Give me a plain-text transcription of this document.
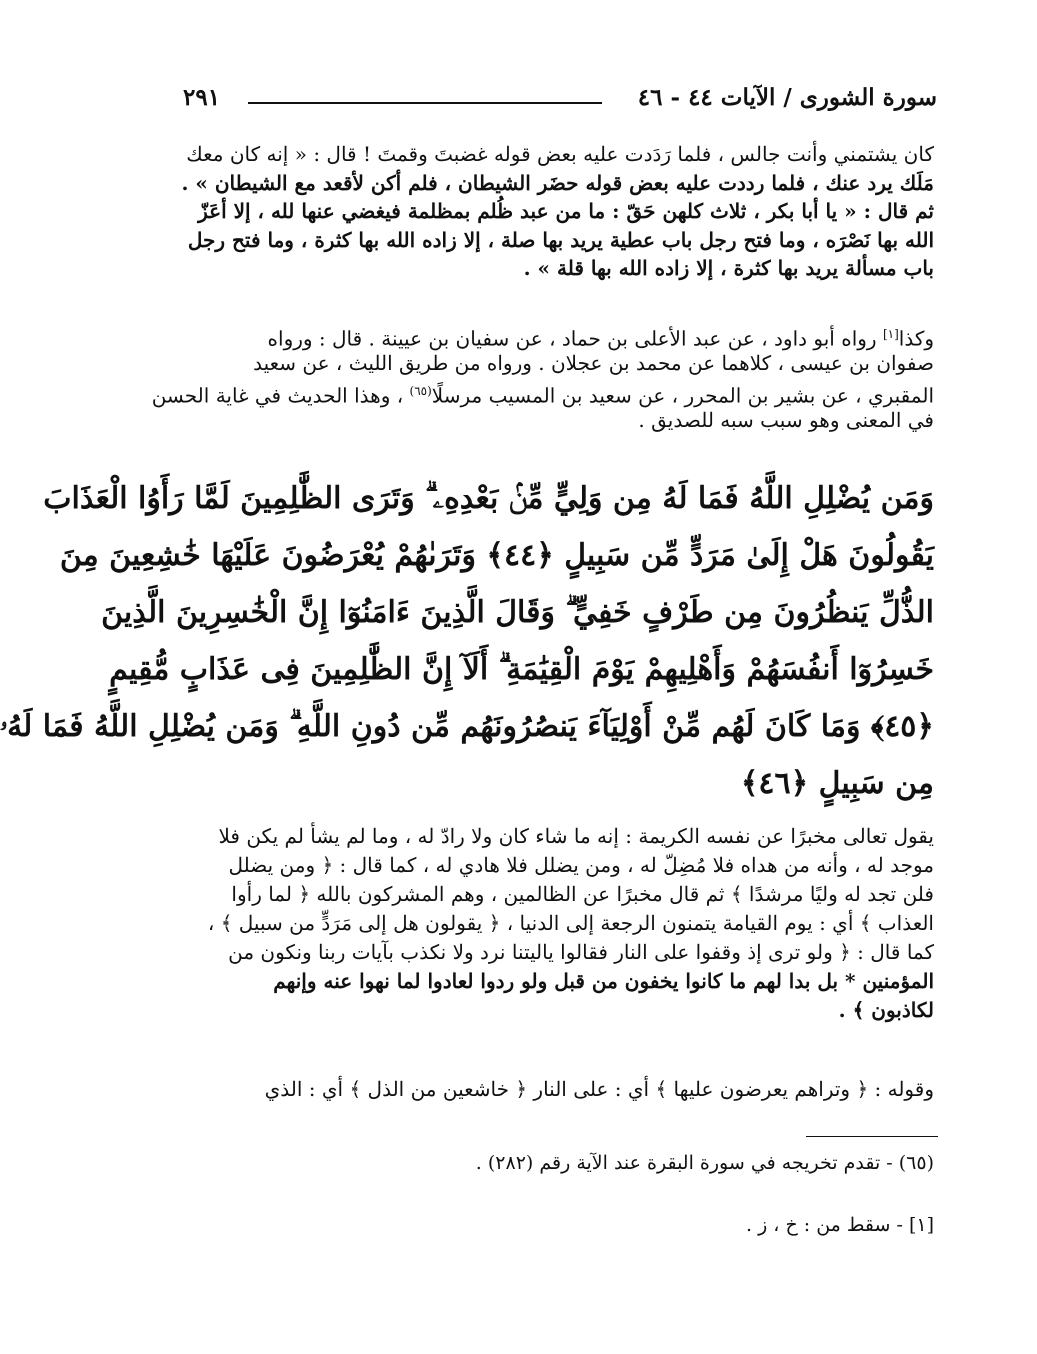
سورة الشورى / الآيات ٤٤ - ٤٦
٢٩١
كان يشتمني وأنت جالس ، فلما رَدَدت عليه بعض قوله غضبتَ وقمتَ ! قال : « إنه كان معك
مَلَك يرد عنك ، فلما رددت عليه بعض قوله حضَر الشيطان ، فلم أكن لأقعد مع الشيطان » .
ثم قال : « يا أبا بكر ، ثلاث كلهن حَقّ : ما من عبد ظُلم بمظلمة فيغضي عنها لله ، إلا أعَزّ
الله بها نَصْرَه ، وما فتح رجل باب عطية يريد بها صلة ، إلا زاده الله بها كثرة ، وما فتح رجل
باب مسألة يريد بها كثرة ، إلا زاده الله بها قلة » .
وكذا[١] رواه أبو داود ، عن عبد الأعلى بن حماد ، عن سفيان بن عيينة . قال : ورواه
صفوان بن عيسى ، كلاهما عن محمد بن عجلان . ورواه من طريق الليث ، عن سعيد
المقبري ، عن بشير بن المحرر ، عن سعيد بن المسيب مرسلًا$^{(٦٥)}$ ، وهذا الحديث في غاية الحسن
في المعنى وهو سبب سبه للصديق .
وَمَن يُضْلِلِ اللَّهُ فَمَا لَهُ مِن وَلِيٍّ مِّنۢ بَعْدِهِۦ ۗ وَتَرَى الظَّٰلِمِينَ لَمَّا رَأَوُا الْعَذَابَ
يَقُولُونَ هَلْ إِلَىٰ مَرَدٍّ مِّن سَبِيلٍ ﴿٤٤﴾ وَتَرَىٰهُمْ يُعْرَضُونَ عَلَيْهَا خَٰشِعِينَ مِنَ
الذُّلِّ يَنظُرُونَ مِن طَرْفٍ خَفِيٍّ ۗ وَقَالَ الَّذِينَ ءَامَنُوٓا إِنَّ الْخَٰسِرِينَ الَّذِينَ
خَسِرُوٓا أَنفُسَهُمْ وَأَهْلِيهِمْ يَوْمَ الْقِيَٰمَةِ ۗ أَلَآ إِنَّ الظَّٰلِمِينَ فِى عَذَابٍ مُّقِيمٍ
﴿٤٥﴾ وَمَا كَانَ لَهُم مِّنْ أَوْلِيَآءَ يَنصُرُونَهُم مِّن دُونِ اللَّهِ ۗ وَمَن يُضْلِلِ اللَّهُ فَمَا لَهُۥ
مِن سَبِيلٍ ﴿٤٦﴾
يقول تعالى مخبرًا عن نفسه الكريمة : إنه ما شاء كان ولا رادّ له ، وما لم يشأ لم يكن فلا
موجد له ، وأنه من هداه فلا مُضِلّ له ، ومن يضلل فلا هادي له ، كما قال : ﴿ ومن يضلل
فلن تجد له وليًا مرشدًا ﴾ ثم قال مخبرًا عن الظالمين ، وهم المشركون بالله ﴿ لما رأوا
العذاب ﴾ أي : يوم القيامة يتمنون الرجعة إلى الدنيا ، ﴿ يقولون هل إلى مَرَدٍّ من سبيل ﴾ ،
كما قال : ﴿ ولو ترى إذ وقفوا على النار فقالوا ياليتنا نرد ولا نكذب بآيات ربنا ونكون من
المؤمنين * بل بدا لهم ما كانوا يخفون من قبل ولو ردوا لعادوا لما نهوا عنه وإنهم
لكاذبون ﴾ .
وقوله : ﴿ وتراهم يعرضون عليها ﴾ أي : على النار ﴿ خاشعين من الذل ﴾ أي : الذي
(٦٥) - تقدم تخريجه في سورة البقرة عند الآية رقم (٢٨٢) .
[١] - سقط من : خ ، ز .
